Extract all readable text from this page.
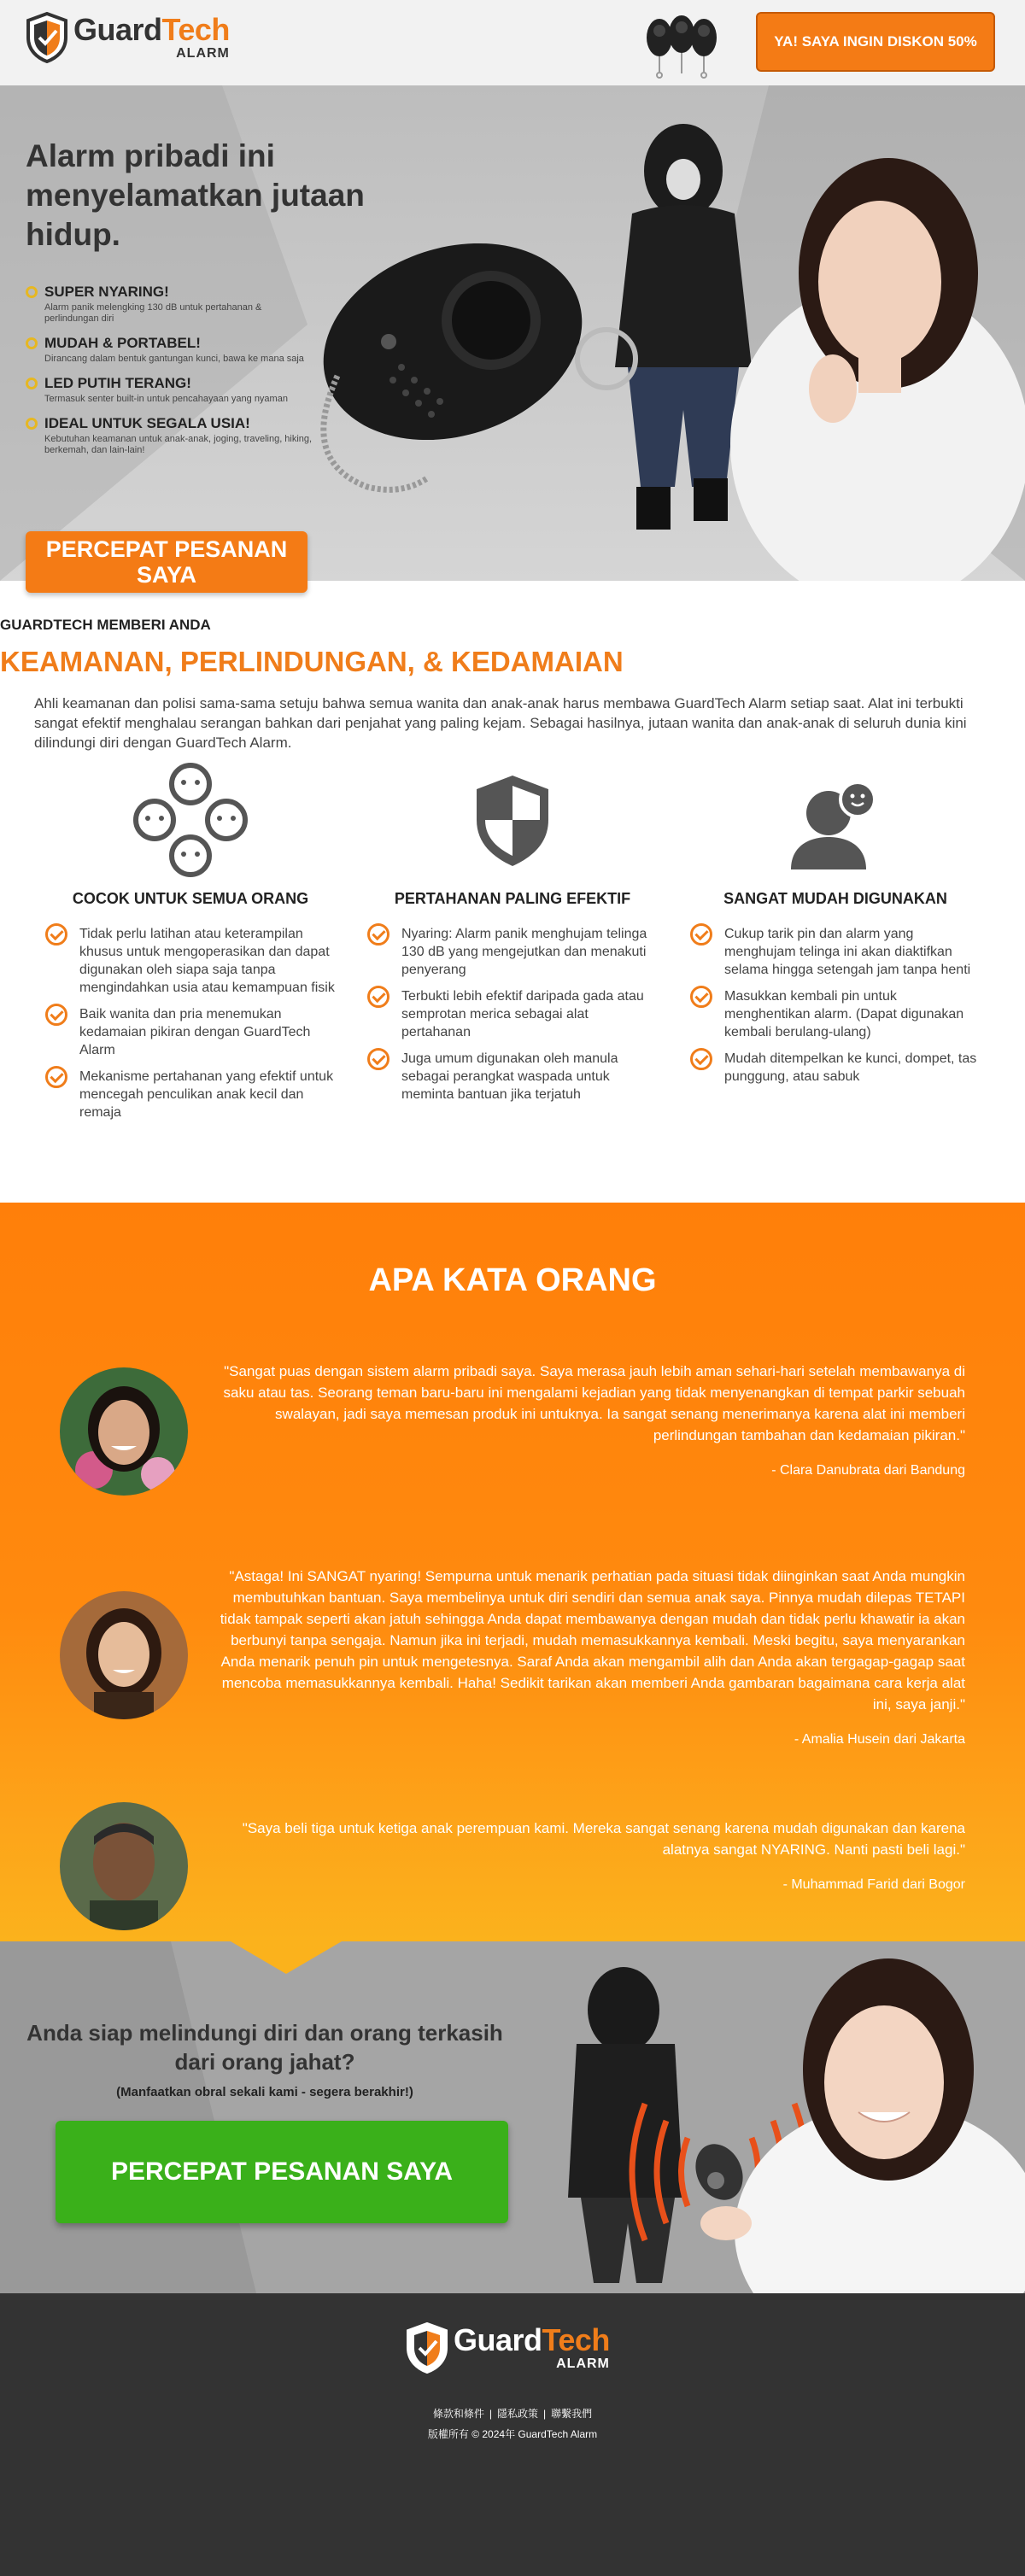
GuardTech
ALARM
YA! SAYA INGIN DISKON 50%
Alarm pribadi ini menyelamatkan jutaan hidup.
SUPER NYARING!
Alarm panik melengking 130 dB untuk pertahanan & perlindungan diri
MUDAH & PORTABEL!
Dirancang dalam bentuk gantungan kunci, bawa ke mana saja
LED PUTIH TERANG!
Termasuk senter built-in untuk pencahayaan yang nyaman
IDEAL UNTUK SEGALA USIA!
Kebutuhan keamanan untuk anak-anak, joging, traveling, hiking, berkemah, dan lain-lain!
PERCEPAT PESANAN SAYA
GUARDTECH MEMBERI ANDA
KEAMANAN, PERLINDUNGAN, & KEDAMAIAN
Ahli keamanan dan polisi sama-sama setuju bahwa semua wanita dan anak-anak harus membawa GuardTech Alarm setiap saat. Alat ini terbukti sangat efektif menghalau serangan bahkan dari penjahat yang paling kejam. Sebagai hasilnya, jutaan wanita dan anak-anak di seluruh dunia kini dilindungi diri dengan GuardTech Alarm.
COCOK UNTUK SEMUA ORANG
Tidak perlu latihan atau keterampilan khusus untuk mengoperasikan dan dapat digunakan oleh siapa saja tanpa mengindahkan usia atau kemampuan fisik
Baik wanita dan pria menemukan kedamaian pikiran dengan GuardTech Alarm
Mekanisme pertahanan yang efektif untuk mencegah penculikan anak kecil dan remaja
PERTAHANAN PALING EFEKTIF
Nyaring: Alarm panik menghujam telinga 130 dB yang mengejutkan dan menakuti penyerang
Terbukti lebih efektif daripada gada atau semprotan merica sebagai alat pertahanan
Juga umum digunakan oleh manula sebagai perangkat waspada untuk meminta bantuan jika terjatuh
SANGAT MUDAH DIGUNAKAN
Cukup tarik pin dan alarm yang menghujam telinga ini akan diaktifkan selama hingga setengah jam tanpa henti
Masukkan kembali pin untuk menghentikan alarm. (Dapat digunakan kembali berulang-ulang)
Mudah ditempelkan ke kunci, dompet, tas punggung, atau sabuk
APA KATA ORANG
"Sangat puas dengan sistem alarm pribadi saya. Saya merasa jauh lebih aman sehari-hari setelah membawanya di saku atau tas. Seorang teman baru-baru ini mengalami kejadian yang tidak menyenangkan di tempat parkir sebuah swalayan, jadi saya memesan produk ini untuknya. Ia sangat senang menerimanya karena alat ini memberi perlindungan tambahan dan kedamaian pikiran."
- Clara Danubrata dari Bandung
"Astaga! Ini SANGAT nyaring! Sempurna untuk menarik perhatian pada situasi tidak diinginkan saat Anda mungkin membutuhkan bantuan. Saya membelinya untuk diri sendiri dan semua anak saya. Pinnya mudah dilepas TETAPI tidak tampak seperti akan jatuh sehingga Anda dapat membawanya dengan mudah dan tidak perlu khawatir ia akan berbunyi tanpa sengaja. Namun jika ini terjadi, mudah memasukkannya kembali. Meski begitu, saya menyarankan Anda menarik penuh pin untuk mengetesnya. Saraf Anda akan mengambil alih dan Anda akan tergagap-gagap saat mencoba memasukkannya kembali. Haha! Sedikit tarikan akan memberi Anda gambaran bagaimana cara kerja alat ini, saya janji."
- Amalia Husein dari Jakarta
"Saya beli tiga untuk ketiga anak perempuan kami. Mereka sangat senang karena mudah digunakan dan karena alatnya sangat NYARING. Nanti pasti beli lagi."
- Muhammad Farid dari Bogor
Anda siap melindungi diri dan orang terkasih dari orang jahat?
(Manfaatkan obral sekali kami - segera berakhir!)
PERCEPAT PESANAN SAYA
GuardTech
ALARM
條款和條件 | 隱私政策 | 聯繫我們
版權所有 © 2024年 GuardTech Alarm
